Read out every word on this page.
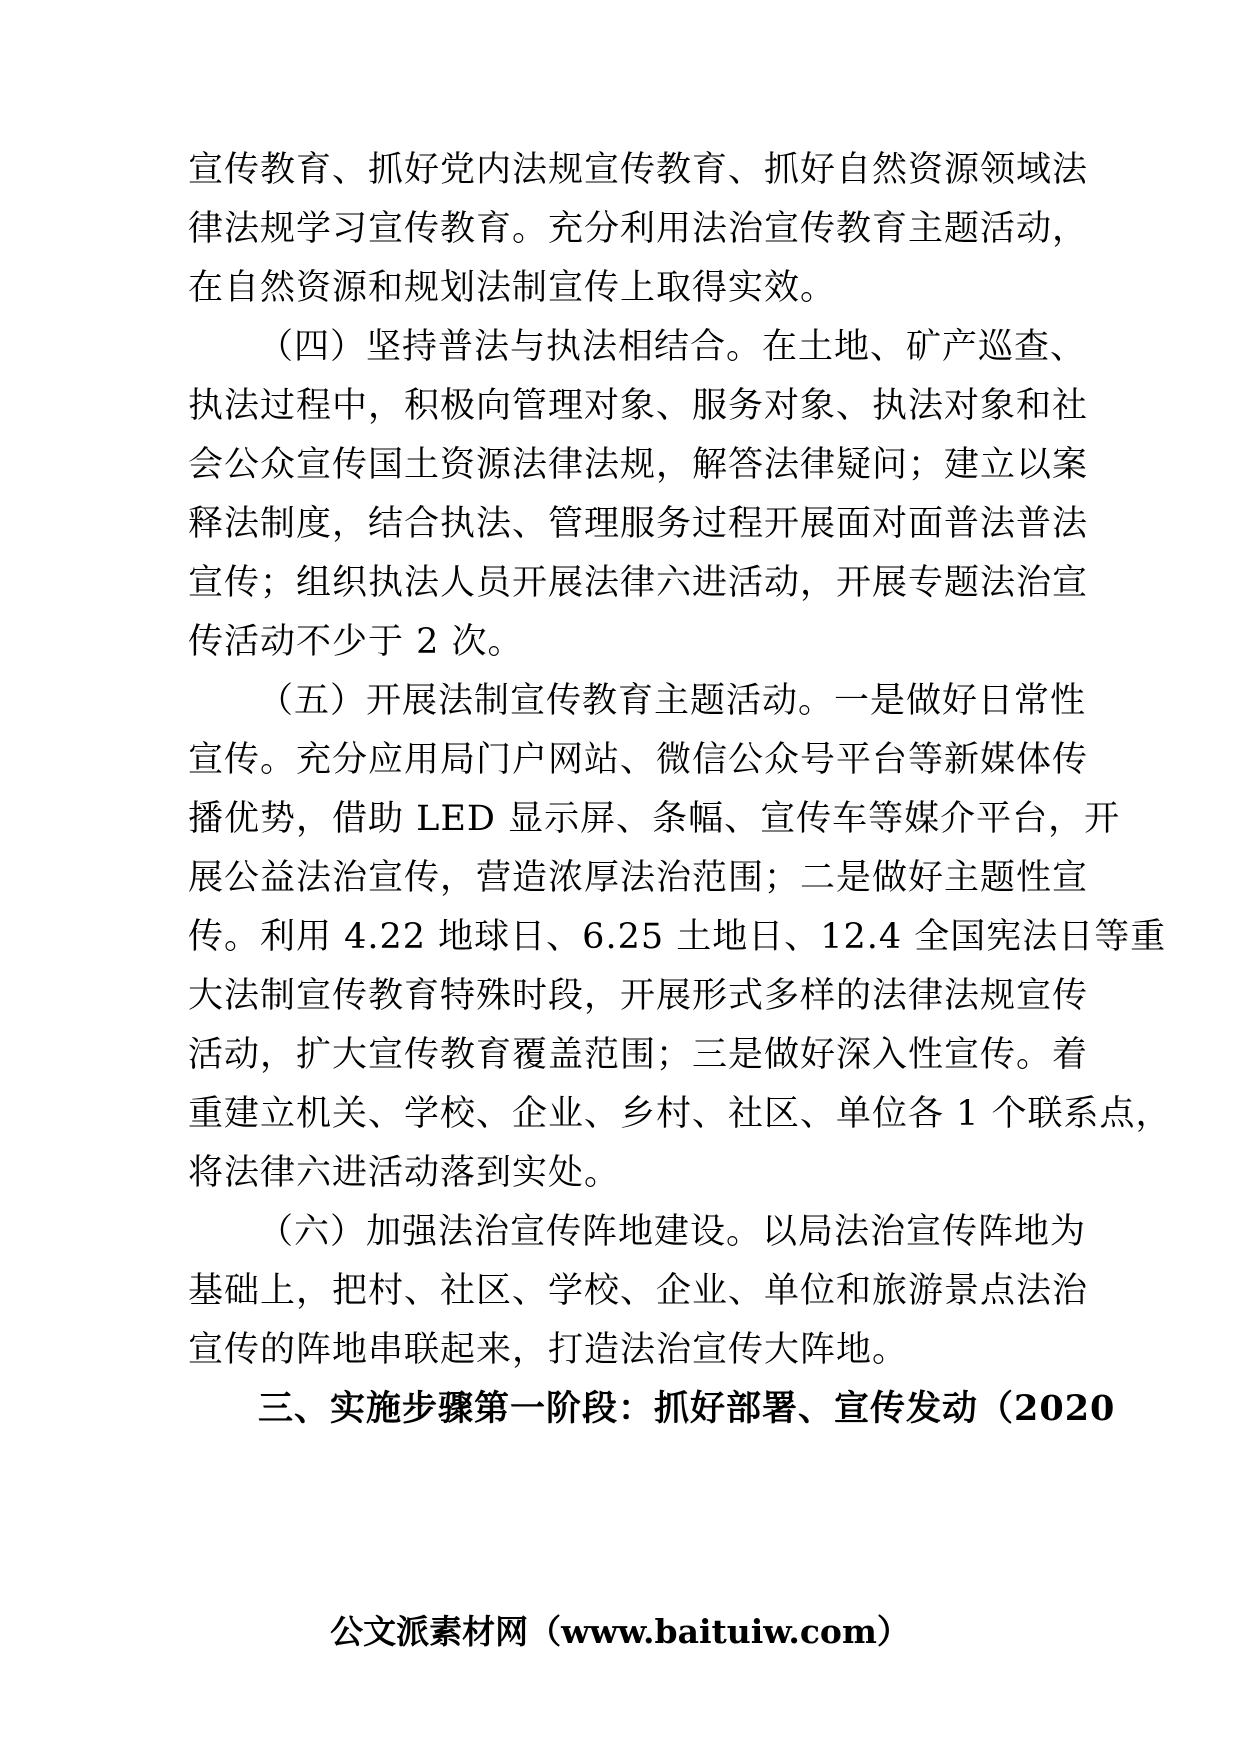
宣传教育、抓好党内法规宣传教育、抓好自然资源领域法
律法规学习宣传教育。充分利用法治宣传教育主题活动，
在自然资源和规划法制宣传上取得实效。
（四）坚持普法与执法相结合。在土地、矿产巡查、
执法过程中，积极向管理对象、服务对象、执法对象和社
会公众宣传国土资源法律法规，解答法律疑问；建立以案
释法制度，结合执法、管理服务过程开展面对面普法普法
宣传；组织执法人员开展法律六进活动，开展专题法治宣
传活动不少于 2 次。
（五）开展法制宣传教育主题活动。一是做好日常性
宣传。充分应用局门户网站、微信公众号平台等新媒体传
播优势，借助 LED 显示屏、条幅、宣传车等媒介平台，开
展公益法治宣传，营造浓厚法治范围；二是做好主题性宣
传。利用 4.22 地球日、6.25 土地日、12.4 全国宪法日等重
大法制宣传教育特殊时段，开展形式多样的法律法规宣传
活动，扩大宣传教育覆盖范围；三是做好深入性宣传。着
重建立机关、学校、企业、乡村、社区、单位各 1 个联系点，
将法律六进活动落到实处。
（六）加强法治宣传阵地建设。以局法治宣传阵地为
基础上，把村、社区、学校、企业、单位和旅游景点法治
宣传的阵地串联起来，打造法治宣传大阵地。
三、实施步骤第一阶段：抓好部署、宣传发动（2020
公文派素材网（www.baituiw.com）
